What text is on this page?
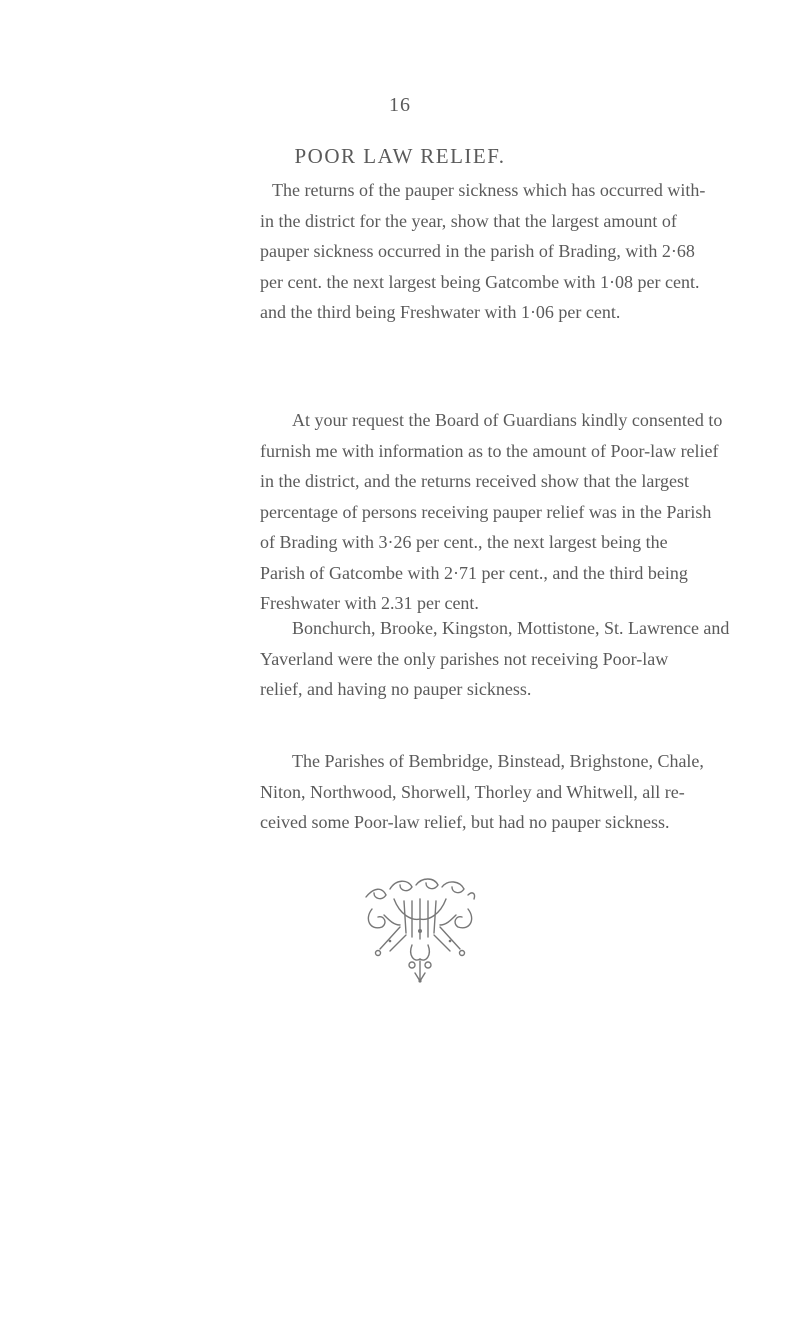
16
POOR LAW RELIEF.
The returns of the pauper sickness which has occurred with-
in the district for the year, show that the largest amount of
pauper sickness occurred in the parish of Brading, with 2·68
per cent. the next largest being Gatcombe with 1·08 per cent.
and the third being Freshwater with 1·06 per cent.
At your request the Board of Guardians kindly consented to
furnish me with information as to the amount of Poor-law relief
in the district, and the returns received show that the largest
percentage of persons receiving pauper relief was in the Parish
of Brading with 3·26 per cent., the next largest being the
Parish of Gatcombe with 2·71 per cent., and the third being
Freshwater with 2.31 per cent.
Bonchurch, Brooke, Kingston, Mottistone, St. Lawrence and
Yaverland were the only parishes not receiving Poor-law
relief, and having no pauper sickness.
The Parishes of Bembridge, Binstead, Brighstone, Chale,
Niton, Northwood, Shorwell, Thorley and Whitwell, all re-
ceived some Poor-law relief, but had no pauper sickness.
